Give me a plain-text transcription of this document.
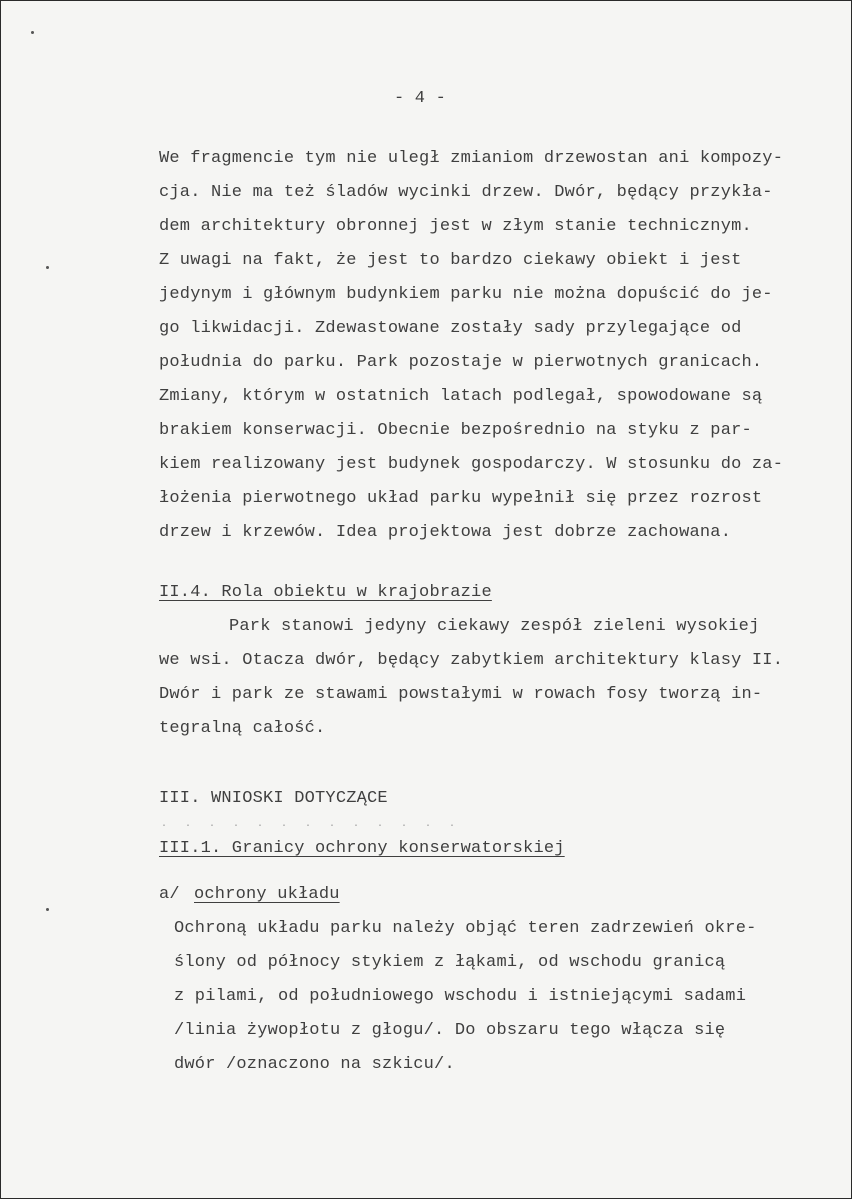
- 4 -
We fragmencie tym nie uległ zmianiom drzewostan ani kompozy-
cja. Nie ma też śladów wycinki drzew. Dwór, będący przykła-
dem architektury obronnej jest w złym stanie technicznym.
Z uwagi na fakt, że jest to bardzo ciekawy obiekt i jest
jedynym i głównym budynkiem parku nie można dopuścić do je-
go likwidacji. Zdewastowane zostały sady przylegające od
południa do parku. Park pozostaje w pierwotnych granicach.
Zmiany, którym w ostatnich latach podlegał, spowodowane są
brakiem konserwacji. Obecnie bezpośrednio na styku z par-
kiem realizowany jest budynek gospodarczy. W stosunku do za-
łożenia pierwotnego układ parku wypełnił się przez rozrost
drzew i krzewów. Idea projektowa jest dobrze zachowana.
II.4. Rola obiektu w krajobrazie
Park stanowi jedyny ciekawy zespół zieleni wysokiej
we wsi. Otacza dwór, będący zabytkiem architektury klasy II.
Dwór i park ze stawami powstałymi w rowach fosy tworzą in-
tegralną całość.
III. WNIOSKI DOTYCZĄCE
. . . . . . . . . . . . .
III.1. Granicy ochrony konserwatorskiej
a/ ochrony układu
Ochroną układu parku należy objąć teren zadrzewień okre-
ślony od północy stykiem z łąkami, od wschodu granicą
z pilami, od południowego wschodu i istniejącymi sadami
/linia żywopłotu z głogu/. Do obszaru tego włącza się
dwór /oznaczono na szkicu/.
